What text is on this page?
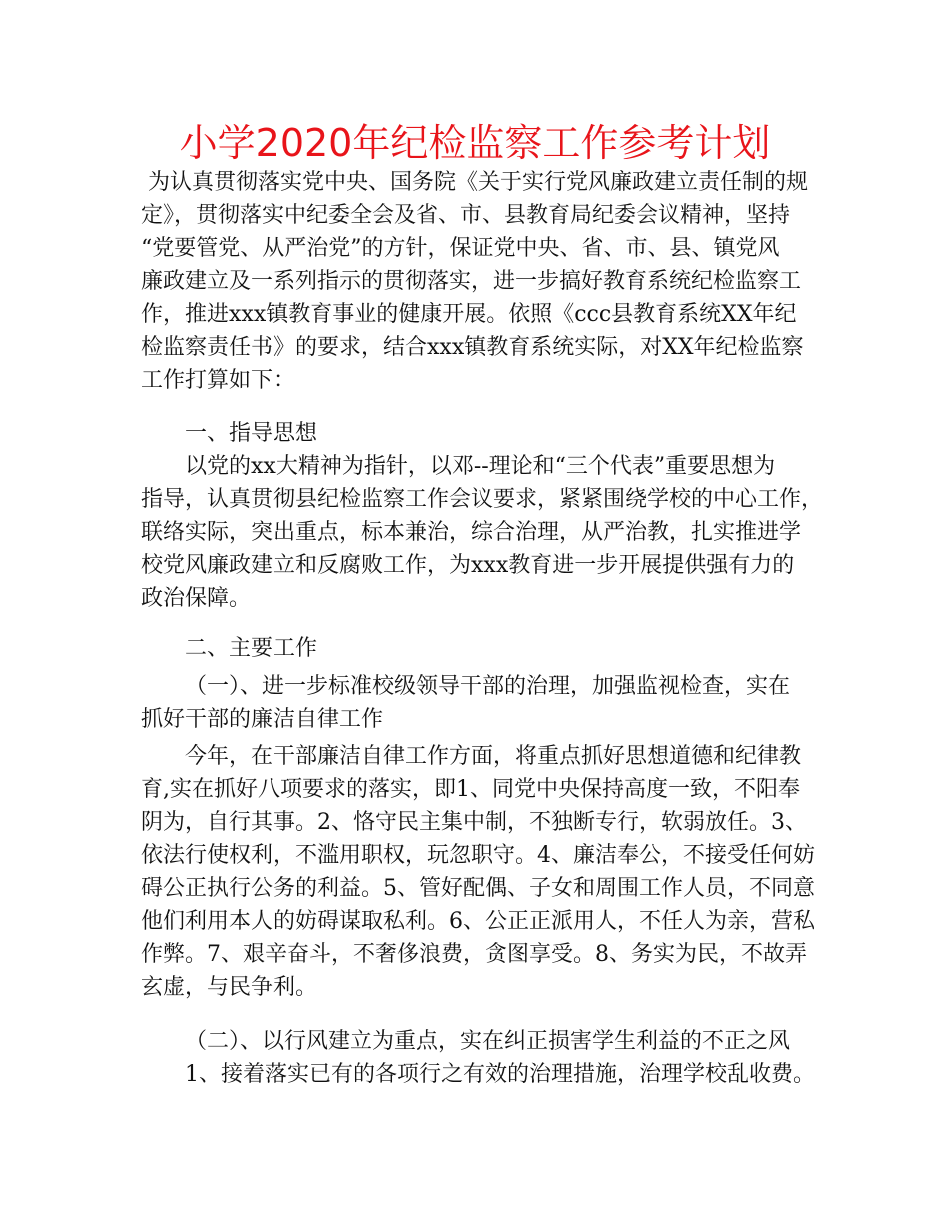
小学2020年纪检监察工作参考计划

为认真贯彻落实党中央、国务院《关于实行党风廉政建立责任制的规

定》，贯彻落实中纪委全会及省、市、县教育局纪委会议精神，坚持

“党要管党、从严治党”的方针，保证党中央、省、市、县、镇党风

廉政建立及一系列指示的贯彻落实，进一步搞好教育系统纪检监察工

作，推进xxx镇教育事业的健康开展。依照《ccc县教育系统XX年纪

检监察责任书》的要求，结合xxx镇教育系统实际，对XX年纪检监察

工作打算如下：

一、指导思想

以党的xx大精神为指针，以邓--理论和“三个代表”重要思想为

指导，认真贯彻县纪检监察工作会议要求，紧紧围绕学校的中心工作，

联络实际，突出重点，标本兼治，综合治理，从严治教，扎实推进学

校党风廉政建立和反腐败工作，为xxx教育进一步开展提供强有力的

政治保障。

二、主要工作

（一）、进一步标准校级领导干部的治理，加强监视检查，实在

抓好干部的廉洁自律工作

今年，在干部廉洁自律工作方面，将重点抓好思想道德和纪律教

育,实在抓好八项要求的落实，即1、同党中央保持高度一致，不阳奉

阴为，自行其事。2、恪守民主集中制，不独断专行，软弱放任。3、

依法行使权利，不滥用职权，玩忽职守。4、廉洁奉公，不接受任何妨

碍公正执行公务的利益。5、管好配偶、子女和周围工作人员，不同意

他们利用本人的妨碍谋取私利。6、公正正派用人，不任人为亲，营私

作弊。7、艰辛奋斗，不奢侈浪费，贪图享受。8、务实为民，不故弄

玄虚，与民争利。

（二）、以行风建立为重点，实在纠正损害学生利益的不正之风

1、接着落实已有的各项行之有效的治理措施，治理学校乱收费。
